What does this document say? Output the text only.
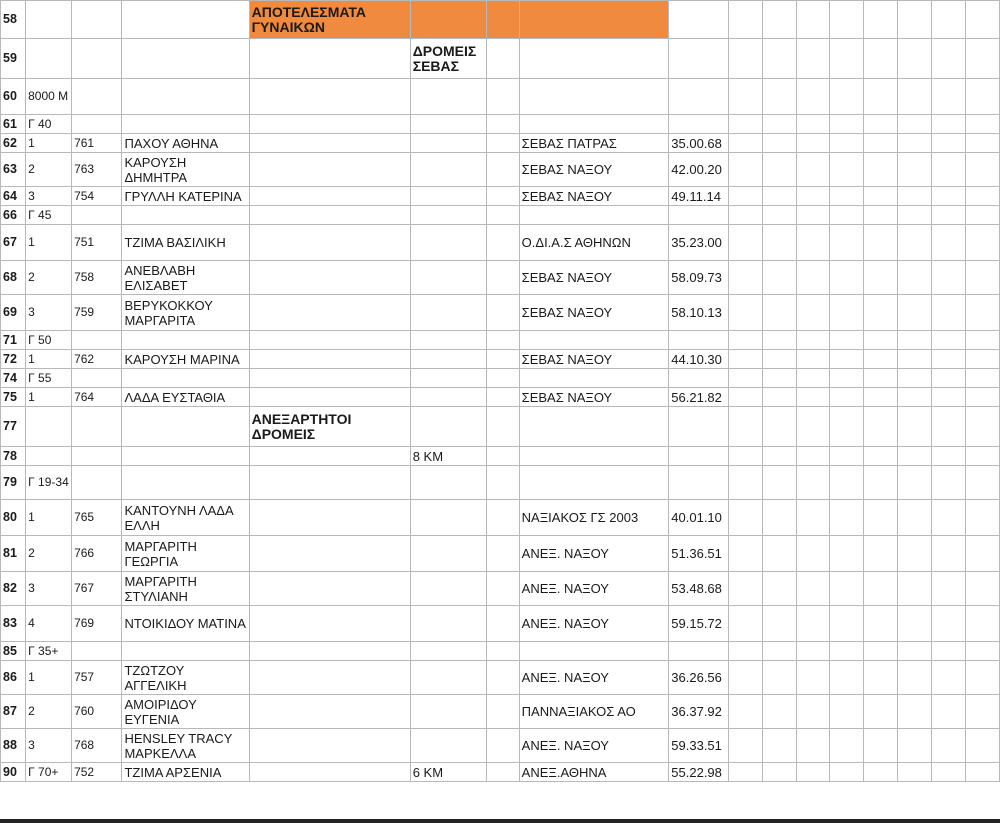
58				ΑΠΟΤΕΛΕΣΜΑΤΑ ΓΥΝΑΙΚΩΝ												
59					ΔΡΟΜΕΙΣ ΣΕΒΑΣ											
60	8000 Μ															
61	Γ 40															
62	1	761	ΠΑΧΟΥ ΑΘΗΝΑ				ΣΕΒΑΣ ΠΑΤΡΑΣ	35.00.68								
63	2	763	ΚΑΡΟΥΣΗ ΔΗΜΗΤΡΑ				ΣΕΒΑΣ ΝΑΞΟΥ	42.00.20								
64	3	754	ΓΡΥΛΛΗ ΚΑΤΕΡΙΝΑ				ΣΕΒΑΣ ΝΑΞΟΥ	49.11.14								
66	Γ 45															
67	1	751	ΤΖΙΜΑ ΒΑΣΙΛΙΚΗ				Ο.ΔΙ.Α.Σ ΑΘΗΝΩΝ	35.23.00								
68	2	758	ΑΝΕΒΛΑΒΗ ΕΛΙΣΑΒΕΤ				ΣΕΒΑΣ ΝΑΞΟΥ	58.09.73								
69	3	759	ΒΕΡΥΚΟΚΚΟΥ ΜΑΡΓΑΡΙΤΑ				ΣΕΒΑΣ ΝΑΞΟΥ	58.10.13								
71	Γ 50															
72	1	762	ΚΑΡΟΥΣΗ ΜΑΡΙΝΑ				ΣΕΒΑΣ ΝΑΞΟΥ	44.10.30								
74	Γ 55															
75	1	764	ΛΑΔΑ ΕΥΣΤΑΘΙΑ				ΣΕΒΑΣ ΝΑΞΟΥ	56.21.82								
77				ΑΝΕΞΑΡΤΗΤΟΙ ΔΡΟΜΕΙΣ												
78					8 KM											
79	Γ 19-34															
80	1	765	ΚΑΝΤΟΥΝΗ ΛΑΔΑ ΕΛΛΗ				ΝΑΞΙΑΚΟΣ ΓΣ 2003	40.01.10								
81	2	766	ΜΑΡΓΑΡΙΤΗ ΓΕΩΡΓΙΑ				ΑΝΕΞ. ΝΑΞΟΥ	51.36.51								
82	3	767	ΜΑΡΓΑΡΙΤΗ ΣΤΥΛΙΑΝΗ				ΑΝΕΞ. ΝΑΞΟΥ	53.48.68								
83	4	769	ΝΤΟΙΚΙΔΟΥ ΜΑΤΙΝΑ				ΑΝΕΞ. ΝΑΞΟΥ	59.15.72								
85	Γ 35+															
86	1	757	ΤΖΩΤΖΟΥ ΑΓΓΕΛΙΚΗ				ΑΝΕΞ. ΝΑΞΟΥ	36.26.56								
87	2	760	ΑΜΟΙΡΙΔΟΥ ΕΥΓΕΝΙΑ				ΠΑΝΝΑΞΙΑΚΟΣ ΑΟ	36.37.92								
88	3	768	HENSLEY TRACY ΜΑΡΚΕΛΛΑ				ΑΝΕΞ. ΝΑΞΟΥ	59.33.51								
90	Γ 70+	752	ΤΖΙΜΑ ΑΡΣΕΝΙΑ		6 KM		ΑΝΕΞ.ΑΘΗΝΑ	55.22.98								
